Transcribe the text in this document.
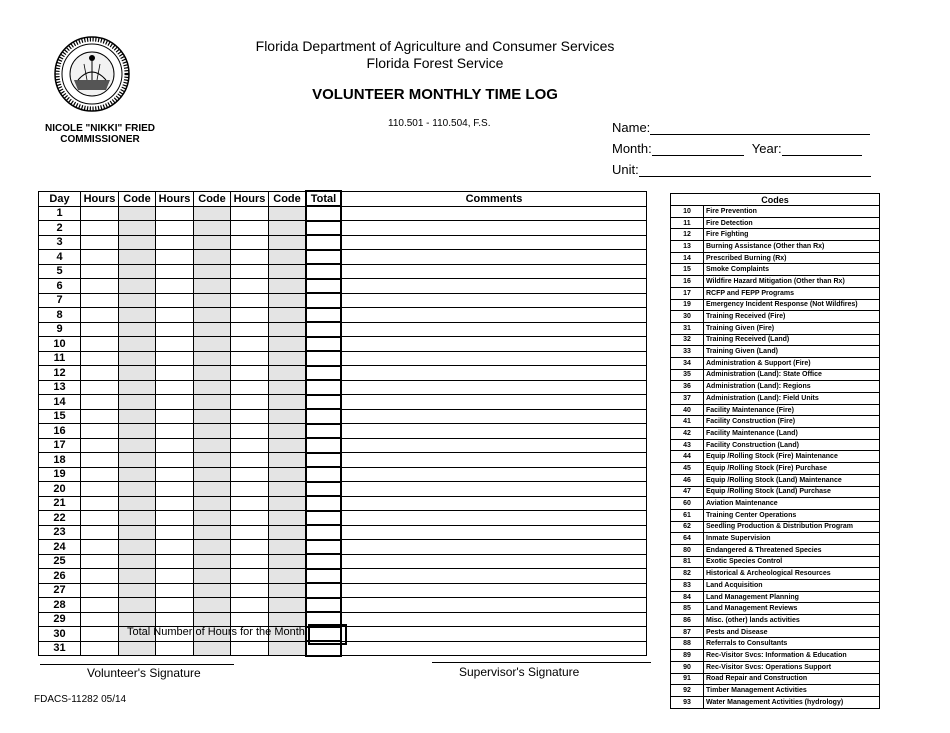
Florida Department of Agriculture and Consumer Services
Florida Forest Service
VOLUNTEER MONTHLY TIME LOG
NICOLE "NIKKI" FRIED
COMMISSIONER
110.501 - 110.504, F.S.	Name:
Month:	Year:
Unit:
Day	Hours	Code	Hours	Code	Hours	Code	Total	Comments
1								
2								
3								
4								
5								
6								
7								
8								
9								
10								
11								
12								
13								
14								
15								
16								
17								
18								
19								
20								
21								
22								
23								
24								
25								
26								
27								
28								
29								
30								
31								
Total Number of Hours for the Month
Volunteer's Signature	Supervisor's Signature
FDACS-11282 05/14
Codes	
10	Fire Prevention
11	Fire Detection
12	Fire Fighting
13	Burning Assistance (Other than Rx)
14	Prescribed Burning (Rx)
15	Smoke Complaints
16	Wildfire Hazard Mitigation (Other than Rx)
17	RCFP and FEPP Programs
19	Emergency Incident Response (Not Wildfires)
30	Training Received (Fire)
31	Training Given (Fire)
32	Training Received (Land)
33	Training Given (Land)
34	Administration & Support (Fire)
35	Administration (Land): State Office
36	Administration (Land): Regions
37	Administration (Land): Field Units
40	Facility Maintenance (Fire)
41	Facility Construction (Fire)
42	Facility Maintenance (Land)
43	Facility Construction (Land)
44	Equip /Rolling Stock (Fire) Maintenance
45	Equip /Rolling Stock (Fire) Purchase
46	Equip /Rolling Stock (Land) Maintenance
47	Equip /Rolling Stock (Land) Purchase
60	Aviation Maintenance
61	Training Center Operations
62	Seedling Production & Distribution Program
64	Inmate Supervision
80	Endangered & Threatened Species
81	Exotic Species Control
82	Historical & Archeological Resources
83	Land Acquisition
84	Land Management Planning
85	Land Management Reviews
86	Misc. (other) lands activities
87	Pests and Disease
88	Referrals to Consultants
89	Rec-Visitor Svcs: Information & Education
90	Rec-Visitor Svcs: Operations Support
91	Road Repair and Construction
92	Timber Management Activities
93	Water Management Activities (hydrology)
